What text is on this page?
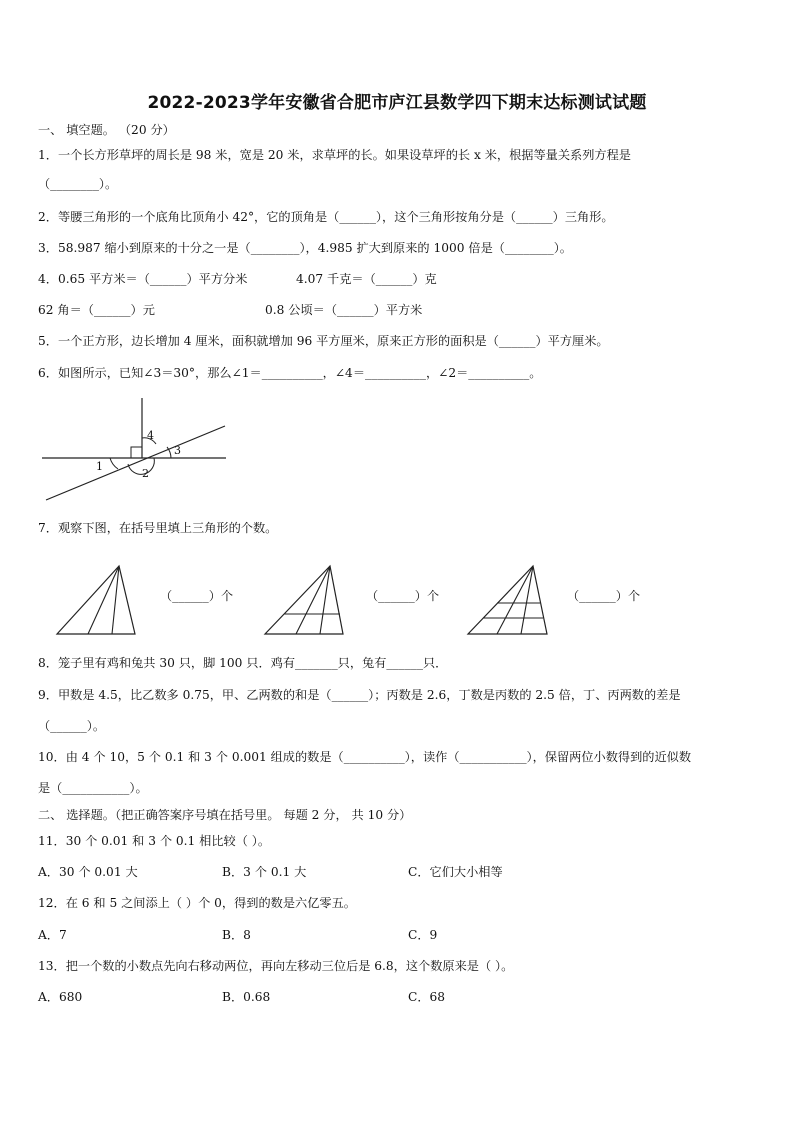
2022-2023学年安徽省合肥市庐江县数学四下期末达标测试试题
一、 填空题。 （20 分）
1．一个长方形草坪的周长是 98 米，宽是 20 米，求草坪的长。如果设草坪的长 x 米，根据等量关系列方程是
（________）。
2．等腰三角形的一个底角比顶角小 42°，它的顶角是（______），这个三角形按角分是（______）三角形。
3．58.987 缩小到原来的十分之一是（________），4.985 扩大到原来的 1000 倍是（________）。
4．0.65 平方米＝（______）平方分米	4.07 千克＝（______）克
62 角＝（______）元	0.8 公顷＝（______）平方米
5．一个正方形，边长增加 4 厘米，面积就增加 96 平方厘米，原来正方形的面积是（______）平方厘米。
6．如图所示，已知∠3＝30°，那么∠1＝__________，∠4＝__________，∠2＝__________。
1
2
3
4
7．观察下图，在括号里填上三角形的个数。
（______）个	（______）个	（______）个
8．笼子里有鸡和兔共 30 只，脚 100 只．鸡有_______只，兔有______只．
9．甲数是 4.5，比乙数多 0.75，甲、乙两数的和是（______）；丙数是 2.6，丁数是丙数的 2.5 倍，丁、丙两数的差是
（______）。
10．由 4 个 10，5 个 0.1 和 3 个 0.001 组成的数是（__________），读作（___________），保留两位小数得到的近似数
是（___________）。
二、 选择题。（把正确答案序号填在括号里。 每题 2 分， 共 10 分）
11．30 个 0.01 和 3 个 0.1 相比较（ ）。
A．30 个 0.01 大	B．3 个 0.1 大	C．它们大小相等
12．在 6 和 5 之间添上（ ）个 0，得到的数是六亿零五。
A．7	B．8	C．9
13．把一个数的小数点先向右移动两位，再向左移动三位后是 6.8，这个数原来是（ ）。
A．680	B．0.68	C．68
